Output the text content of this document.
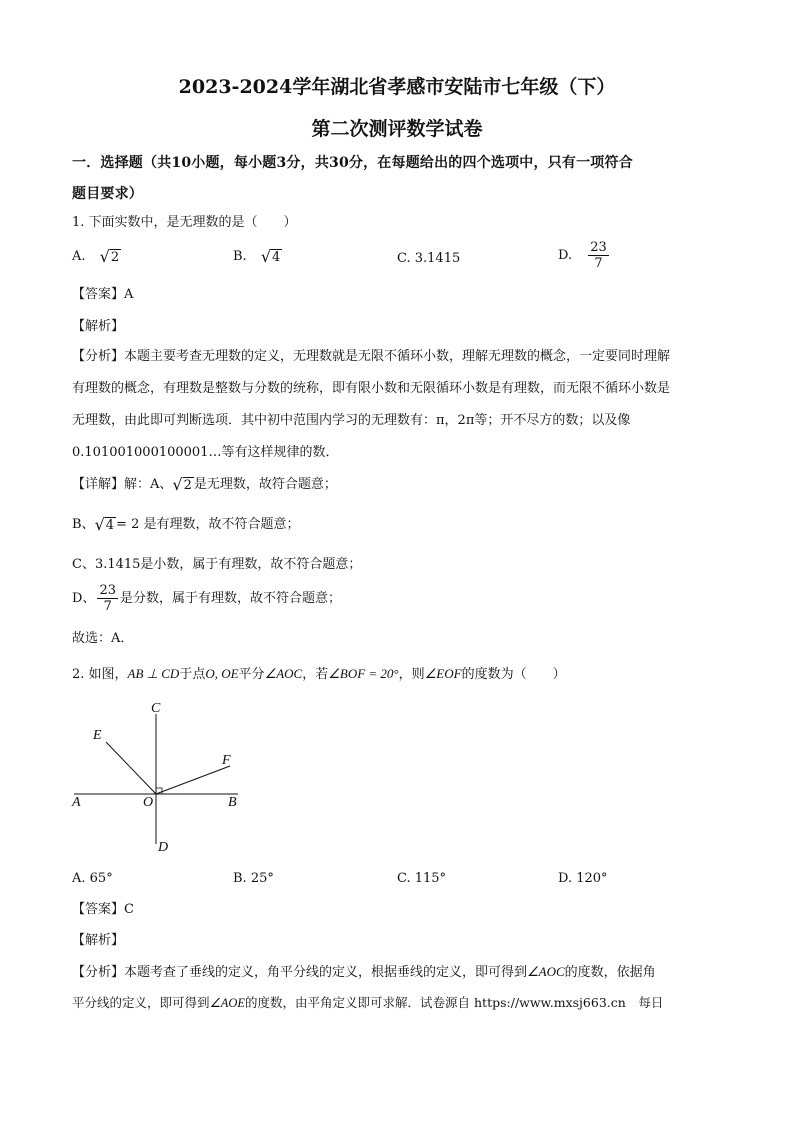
2023-2024学年湖北省孝感市安陆市七年级（下）
第二次测评数学试卷
一．选择题（共10小题，每小题3分，共30分，在每题给出的四个选项中，只有一项符合
题目要求）
1. 下面实数中，是无理数的是（　　）
A. √ 2	B. √ 4	C. 3.1415	D. $\frac{23}{7}$
【答案】A
【解析】
【分析】本题主要考查无理数的定义，无理数就是无限不循环小数，理解无理数的概念，一定要同时理解
有理数的概念，有理数是整数与分数的统称，即有限小数和无限循环小数是有理数，而无限不循环小数是
无理数，由此即可判断选项．其中初中范围内学习的无理数有：π，2π等；开不尽方的数；以及像
0.101001000100001…等有这样规律的数．
【详解】解：A、 √ 2 是无理数，故符合题意；
B、 √ 4 = 2 是有理数，故不符合题意；
C、3.1415是小数，属于有理数，故不符合题意；
D、 $\frac{23}{7}$ 是分数，属于有理数，故不符合题意；
故选：A．
2. 如图，AB ⊥ CD于点O, OE平分∠AOC，若∠BOF = 20°，则∠EOF的度数为（　　）
C
E
F
A	O	B
D
A. 65°	B. 25°	C. 115°	D. 120°
【答案】C
【解析】
【分析】本题考查了垂线的定义，角平分线的定义，根据垂线的定义，即可得到∠AOC的度数，依据角
平分线的定义，即可得到∠AOE的度数，由平角定义即可求解．试卷源自 https://www.mxsj663.cn　每日
